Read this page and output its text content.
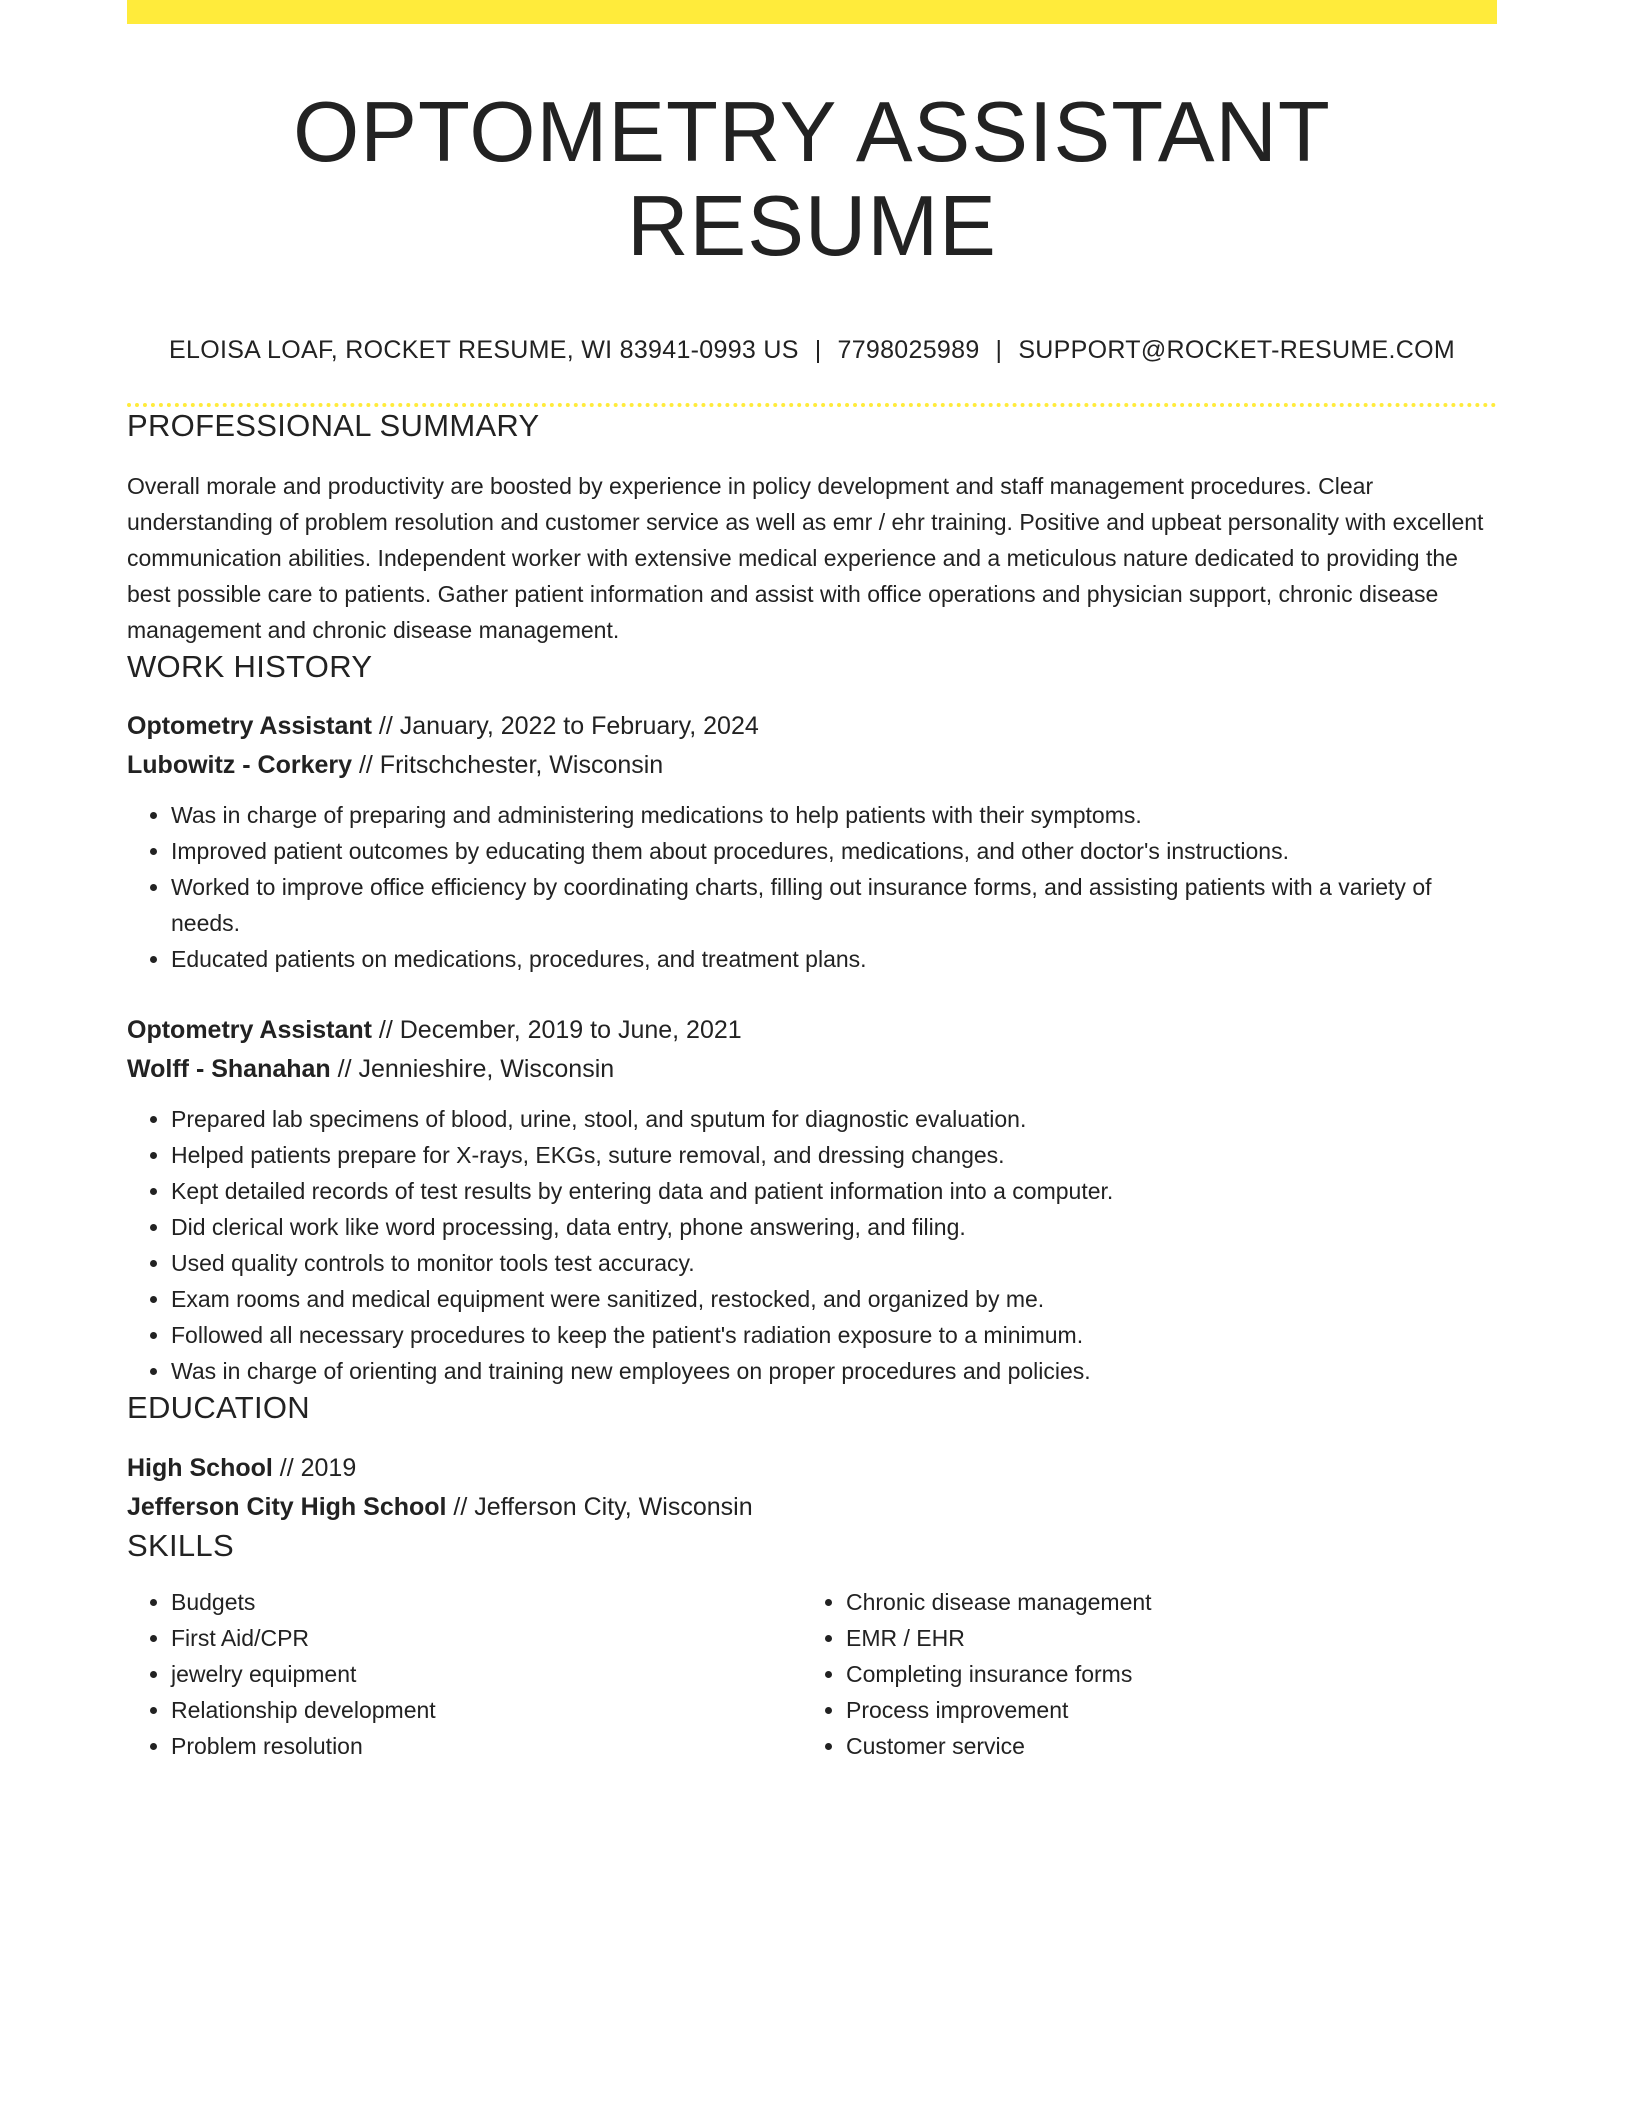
OPTOMETRY ASSISTANT RESUME
ELOISA LOAF, ROCKET RESUME, WI 83941-0993 US | 7798025989 | SUPPORT@ROCKET-RESUME.COM
PROFESSIONAL SUMMARY

Overall morale and productivity are boosted by experience in policy development and staff management procedures. Clear understanding of problem resolution and customer service as well as emr / ehr training. Positive and upbeat personality with excellent communication abilities. Independent worker with extensive medical experience and a meticulous nature dedicated to providing the best possible care to patients. Gather patient information and assist with office operations and physician support, chronic disease management and chronic disease management.

WORK HISTORY
Optometry Assistant // January, 2022 to February, 2024
Lubowitz - Corkery // Fritschchester, Wisconsin
• Was in charge of preparing and administering medications to help patients with their symptoms.
• Improved patient outcomes by educating them about procedures, medications, and other doctor's instructions.
• Worked to improve office efficiency by coordinating charts, filling out insurance forms, and assisting patients with a variety of needs.
• Educated patients on medications, procedures, and treatment plans.
Optometry Assistant // December, 2019 to June, 2021
Wolff - Shanahan // Jennieshire, Wisconsin
• Prepared lab specimens of blood, urine, stool, and sputum for diagnostic evaluation.
• Helped patients prepare for X-rays, EKGs, suture removal, and dressing changes.
• Kept detailed records of test results by entering data and patient information into a computer.
• Did clerical work like word processing, data entry, phone answering, and filing.
• Used quality controls to monitor tools test accuracy.
• Exam rooms and medical equipment were sanitized, restocked, and organized by me.
• Followed all necessary procedures to keep the patient's radiation exposure to a minimum.
• Was in charge of orienting and training new employees on proper procedures and policies.
EDUCATION
High School // 2019
Jefferson City High School // Jefferson City, Wisconsin
SKILLS
• Budgets
• First Aid/CPR
• jewelry equipment
• Relationship development
• Problem resolution
• Chronic disease management
• EMR / EHR
• Completing insurance forms
• Process improvement
• Customer service
